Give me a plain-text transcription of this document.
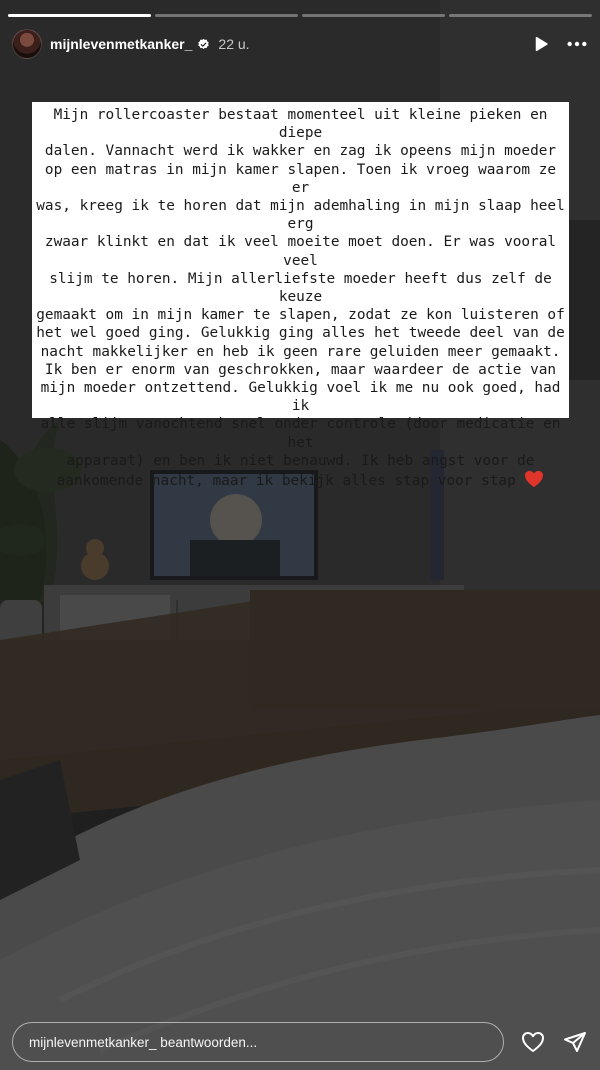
mijnlevenmetkanker_ 22 u.

Mijn rollercoaster bestaat momenteel uit kleine pieken en diepe

dalen. Vannacht werd ik wakker en zag ik opeens mijn moeder

op een matras in mijn kamer slapen. Toen ik vroeg waarom ze er

was, kreeg ik te horen dat mijn ademhaling in mijn slaap heel erg

zwaar klinkt en dat ik veel moeite moet doen. Er was vooral veel

slijm te horen. Mijn allerliefste moeder heeft dus zelf de keuze

gemaakt om in mijn kamer te slapen, zodat ze kon luisteren of

het wel goed ging. Gelukkig ging alles het tweede deel van de

nacht makkelijker en heb ik geen rare geluiden meer gemaakt.

Ik ben er enorm van geschrokken, maar waardeer de actie van

mijn moeder ontzettend. Gelukkig voel ik me nu ook goed, had ik

alle slijm vanochtend snel onder controle (door medicatie en het

apparaat) en ben ik niet benauwd. Ik heb angst voor de

aankomende nacht, maar ik bekijk alles stap voor stap

mijnlevenmetkanker_ beantwoorden...
